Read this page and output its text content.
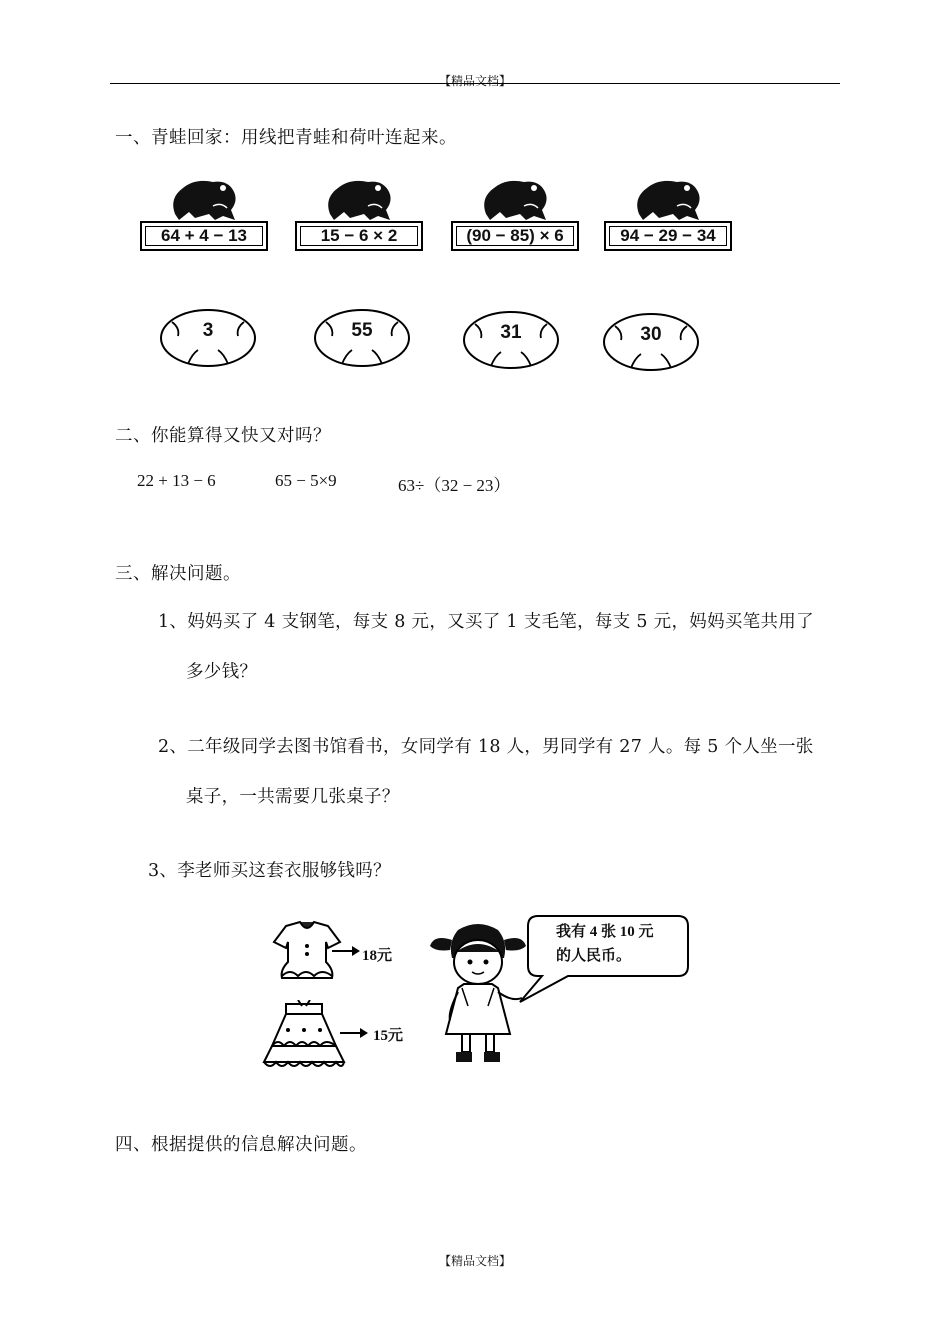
【精品文档】
一、青蛙回家：用线把青蛙和荷叶连起来。
64 + 4 − 13	15 − 6 × 2	(90 − 85) × 6	94 − 29 − 34
3	55	31	30
二、你能算得又快又对吗？
22 + 13 − 6	65 − 5×9	63÷（32 − 23）
三、解决问题。
1、妈妈买了 4 支钢笔，每支 8 元，又买了 1 支毛笔，每支 5 元，妈妈买笔共用了
多少钱？
2、二年级同学去图书馆看书，女同学有 18 人，男同学有 27 人。每 5 个人坐一张
桌子，一共需要几张桌子？
3、李老师买这套衣服够钱吗？
18元
15元
我有 4 张 10 元
的人民币。
四、根据提供的信息解决问题。
【精品文档】
